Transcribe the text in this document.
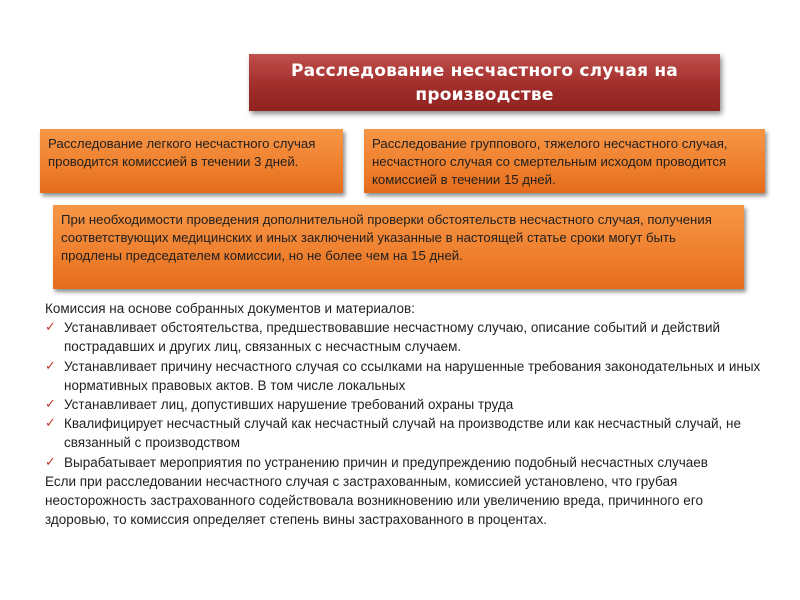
Расследование несчастного случая на производстве
Расследование легкого несчастного случая проводится комиссией в течении 3 дней.
Расследование группового, тяжелого несчастного случая, несчастного случая со смертельным исходом проводится комиссией в течении 15 дней.
При необходимости проведения дополнительной проверки обстоятельств несчастного случая, получения соответствующих медицинских и иных заключений указанные в настоящей статье сроки могут быть продлены председателем комиссии, но не более чем на 15 дней.

Комиссия на основе собранных документов и материалов:

✓ Устанавливает обстоятельства, предшествовавшие несчастному случаю, описание событий и действий пострадавших и других лиц, связанных с несчастным случаем.
✓ Устанавливает причину несчастного случая со ссылками на нарушенные требования законодательных и иных нормативных правовых актов. В том числе локальных
✓ Устанавливает лиц, допустивших нарушение требований охраны труда
✓ Квалифицирует несчастный случай как несчастный случай на производстве или как несчастный случай, не связанный с производством
✓ Вырабатывает мероприятия по устранению причин и предупреждению подобный несчастных случаев

Если при расследовании несчастного случая с застрахованным, комиссией установлено, что грубая неосторожность застрахованного содействовала возникновению или увеличению вреда, причинного его здоровью, то комиссия определяет степень вины застрахованного в процентах.
